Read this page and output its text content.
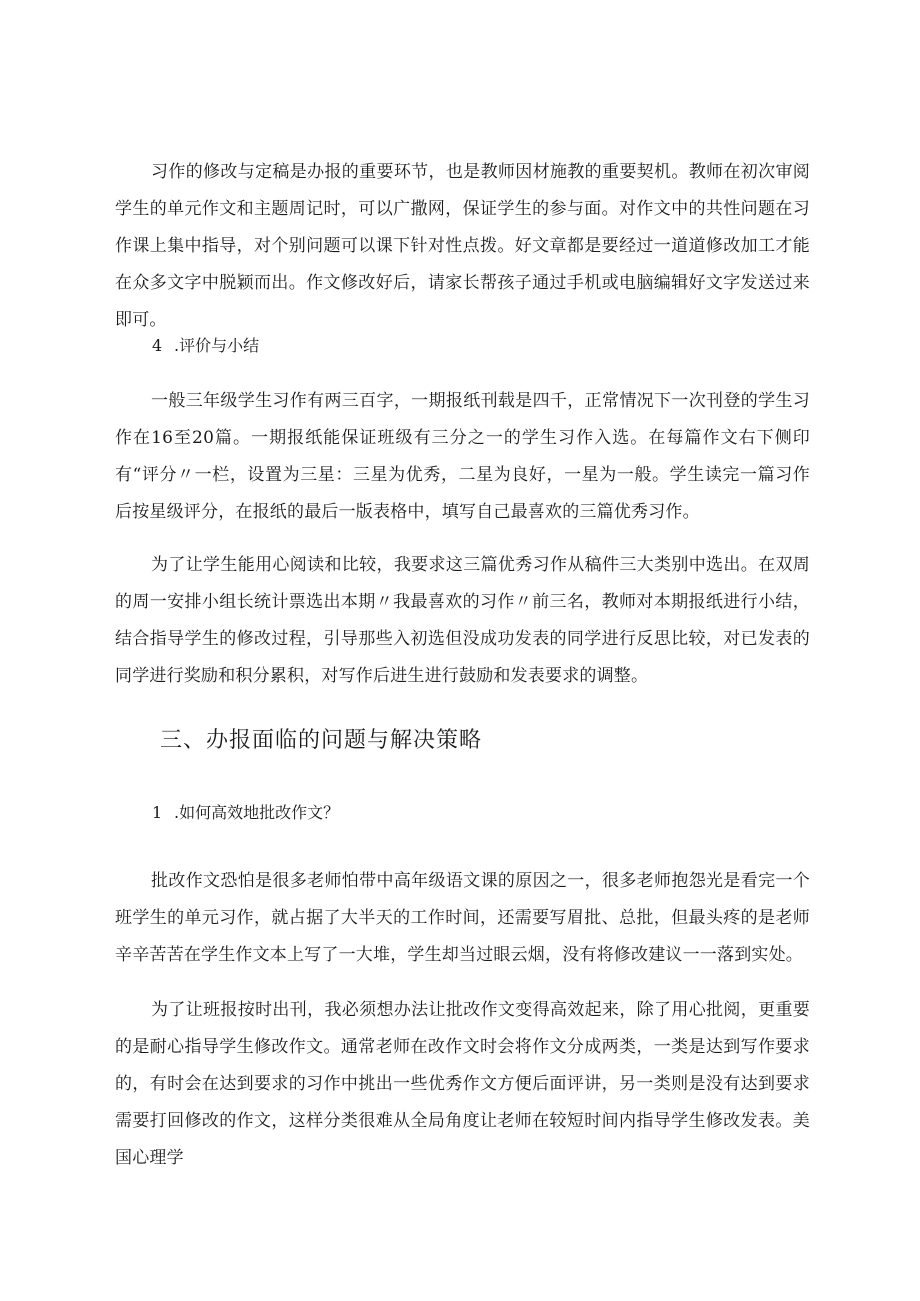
习作的修改与定稿是办报的重要环节，也是教师因材施教的重要契机。教师在初次审阅学生的单元作文和主题周记时，可以广撒网，保证学生的参与面。对作文中的共性问题在习作课上集中指导，对个别问题可以课下针对性点拨。好文章都是要经过一道道修改加工才能在众多文字中脱颖而出。作文修改好后，请家长帮孩子通过手机或电脑编辑好文字发送过来即可。

4 .评价与小结

一般三年级学生习作有两三百字，一期报纸刊载是四千，正常情况下一次刊登的学生习作在16至20篇。一期报纸能保证班级有三分之一的学生习作入选。在每篇作文右下侧印有“评分〃一栏，设置为三星：三星为优秀，二星为良好，一星为一般。学生读完一篇习作后按星级评分，在报纸的最后一版表格中，填写自己最喜欢的三篇优秀习作。

为了让学生能用心阅读和比较，我要求这三篇优秀习作从稿件三大类别中选出。在双周的周一安排小组长统计票选出本期〃我最喜欢的习作〃前三名，教师对本期报纸进行小结，结合指导学生的修改过程，引导那些入初选但没成功发表的同学进行反思比较，对已发表的同学进行奖励和积分累积，对写作后进生进行鼓励和发表要求的调整。

三、办报面临的问题与解决策略
1 .如何高效地批改作文？

批改作文恐怕是很多老师怕带中高年级语文课的原因之一，很多老师抱怨光是看完一个班学生的单元习作，就占据了大半天的工作时间，还需要写眉批、总批，但最头疼的是老师辛辛苦苦在学生作文本上写了一大堆，学生却当过眼云烟，没有将修改建议一一落到实处。

为了让班报按时出刊，我必须想办法让批改作文变得高效起来，除了用心批阅，更重要的是耐心指导学生修改作文。通常老师在改作文时会将作文分成两类，一类是达到写作要求的，有时会在达到要求的习作中挑出一些优秀作文方便后面评讲，另一类则是没有达到要求需要打回修改的作文，这样分类很难从全局角度让老师在较短时间内指导学生修改发表。美国心理学
